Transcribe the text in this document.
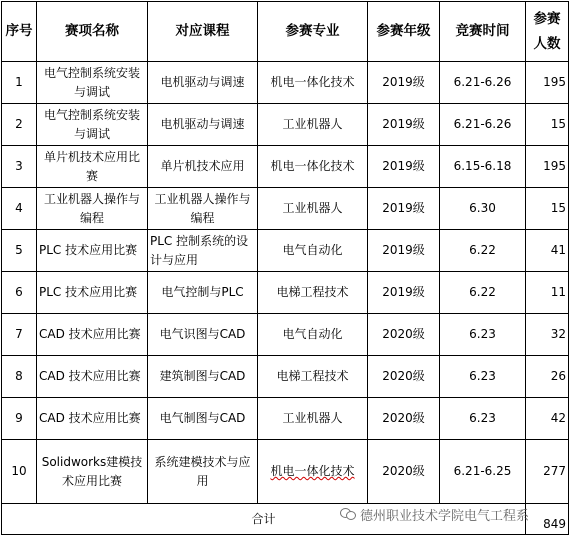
序号	赛项名称	对应课程	参赛专业	参赛年级	竞赛时间	参赛人数
1	电气控制系统安装与调试	电机驱动与调速	机电一体化技术	2019级	6.21-6.26	195
2	电气控制系统安装与调试	电机驱动与调速	工业机器人	2019级	6.21-6.26	15
3	单片机技术应用比赛	单片机技术应用	机电一体化技术	2019级	6.15-6.18	195
4	工业机器人操作与编程	工业机器人操作与编程	工业机器人	2019级	6.30	15
5	PLC 技术应用比赛	PLC 控制系统的设计与应用	电气自动化	2019级	6.22	41
6	PLC 技术应用比赛	电气控制与PLC	电梯工程技术	2019级	6.22	11
7	CAD 技术应用比赛	电气识图与CAD	电气自动化	2020级	6.23	32
8	CAD 技术应用比赛	建筑制图与CAD	电梯工程技术	2020级	6.23	26
9	CAD 技术应用比赛	电气制图与CAD	工业机器人	2020级	6.23	42
10	Solidworks建模技术应用比赛	系统建模技术与应用	机电一体化技术	2020级	6.21-6.25	277
合计						849
德州职业技术学院电气工程系
